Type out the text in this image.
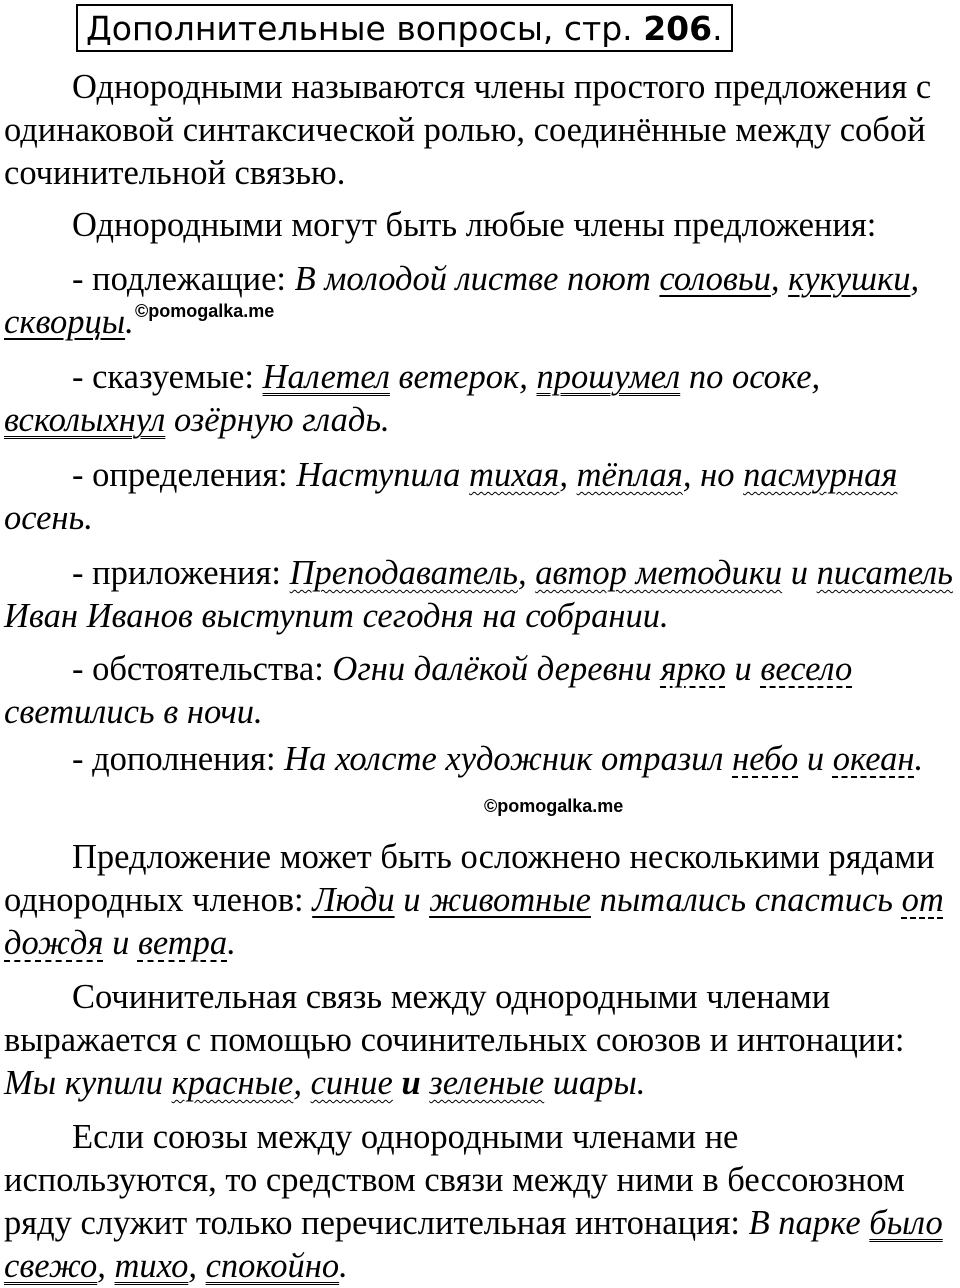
Дополнительные вопросы, стр. 206.

Однородными называются члены простого предложения с одинаковой синтаксической ролью, соединённые между собой сочинительной связью.

Однородными могут быть любые члены предложения:

- подлежащие: В молодой листве поют соловьи, кукушки, скворцы. ©pomogalka.me

- сказуемые: Налетел ветерок, прошумел по осоке, всколыхнул озёрную гладь.

- определения: Наступила тихая, тёплая, но пасмурная осень.

- приложения: Преподаватель, автор методики и писатель Иван Иванов выступит сегодня на собрании.

- обстоятельства: Огни далёкой деревни ярко и весело светились в ночи.

- дополнения: На холсте художник отразил небо и океан.

©pomogalka.me

Предложение может быть осложнено несколькими рядами однородных членов: Люди и животные пытались спастись от дождя и ветра.

Сочинительная связь между однородными членами выражается с помощью сочинительных союзов и интонации: Мы купили красные, синие и зеленые шары.

Если союзы между однородными членами не используются, то средством связи между ними в бессоюзном ряду служит только перечислительная интонация: В парке было свежо, тихо, спокойно.
